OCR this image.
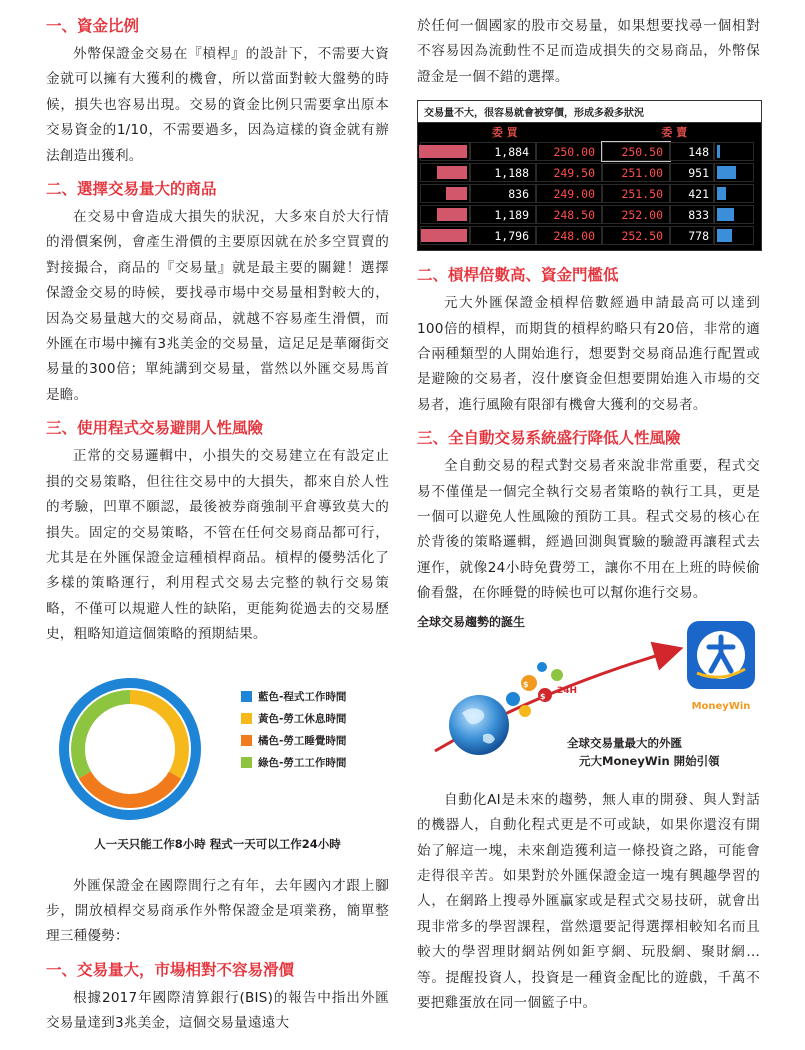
一、資金比例

外幣保證金交易在『槓桿』的設計下，不需要大資金就可以擁有大獲利的機會，所以當面對較大盤勢的時候，損失也容易出現。交易的資金比例只需要拿出原本交易資金的1/10，不需要過多，因為這樣的資金就有辦法創造出獲利。

二、選擇交易量大的商品

在交易中會造成大損失的狀況，大多來自於大行情的滑價案例，會產生滑價的主要原因就在於多空買賣的對接撮合，商品的『交易量』就是最主要的關鍵！選擇保證金交易的時候，要找尋市場中交易量相對較大的，因為交易量越大的交易商品，就越不容易產生滑價，而外匯在市場中擁有3兆美金的交易量，這足足是華爾街交易量的300倍；單純講到交易量，當然以外匯交易馬首是瞻。

三、使用程式交易避開人性風險

正常的交易邏輯中，小損失的交易建立在有設定止損的交易策略，但往往交易中的大損失，都來自於人性的考驗，凹單不願認，最後被券商強制平倉導致莫大的損失。固定的交易策略，不管在任何交易商品都可行，尤其是在外匯保證金這種槓桿商品。槓桿的優勢活化了多樣的策略運行，利用程式交易去完整的執行交易策略，不僅可以規避人性的缺陷，更能夠從過去的交易歷史，粗略知道這個策略的預期結果。

藍色-程式工作時間
黃色-勞工休息時間
橘色-勞工睡覺時間
綠色-勞工工作時間
人一天只能工作8小時 程式一天可以工作24小時

外匯保證金在國際間行之有年，去年國內才跟上腳步，開放槓桿交易商承作外幣保證金是項業務，簡單整理三種優勢：

一、交易量大，市場相對不容易滑價

根據2017年國際清算銀行(BIS)的報告中指出外匯交易量達到3兆美金，這個交易量遠遠大

於任何一個國家的股市交易量，如果想要找尋一個相對不容易因為流動性不足而造成損失的交易商品，外幣保證金是一個不錯的選擇。

交易量不大，很容易就會被穿價，形成多殺多狀況
委 買	委 賣
1,884	250.00	250.50	148
1,188	249.50	251.00	951
836	249.00	251.50	421
1,189	248.50	252.00	833
1,796	248.00	252.50	778
二、槓桿倍數高、資金門檻低

元大外匯保證金槓桿倍數經過申請最高可以達到100倍的槓桿，而期貨的槓桿約略只有20倍，非常的適合兩種類型的人開始進行，想要對交易商品進行配置或是避險的交易者，沒什麼資金但想要開始進入市場的交易者，進行風險有限卻有機會大獲利的交易者。

三、全自動交易系統盛行降低人性風險

全自動交易的程式對交易者來說非常重要，程式交易不僅僅是一個完全執行交易者策略的執行工具，更是一個可以避免人性風險的預防工具。程式交易的核心在於背後的策略邏輯，經過回測與實驗的驗證再讓程式去運作，就像24小時免費勞工，讓你不用在上班的時候偷偷看盤，在你睡覺的時候也可以幫你進行交易。

全球交易趨勢的誕生
$
$
24H
MoneyWin
全球交易量最大的外匯
元大MoneyWin 開始引領

自動化AI是未來的趨勢，無人車的開發、與人對話的機器人，自動化程式更是不可或缺，如果你還沒有開始了解這一塊，未來創造獲利這一條投資之路，可能會走得很辛苦。如果對於外匯保證金這一塊有興趣學習的人，在網路上搜尋外匯贏家或是程式交易技研，就會出現非常多的學習課程，當然還要記得選擇相較知名而且較大的學習理財網站例如鉅亨網、玩股網、聚財網…等。提醒投資人，投資是一種資金配比的遊戲，千萬不要把雞蛋放在同一個籃子中。
